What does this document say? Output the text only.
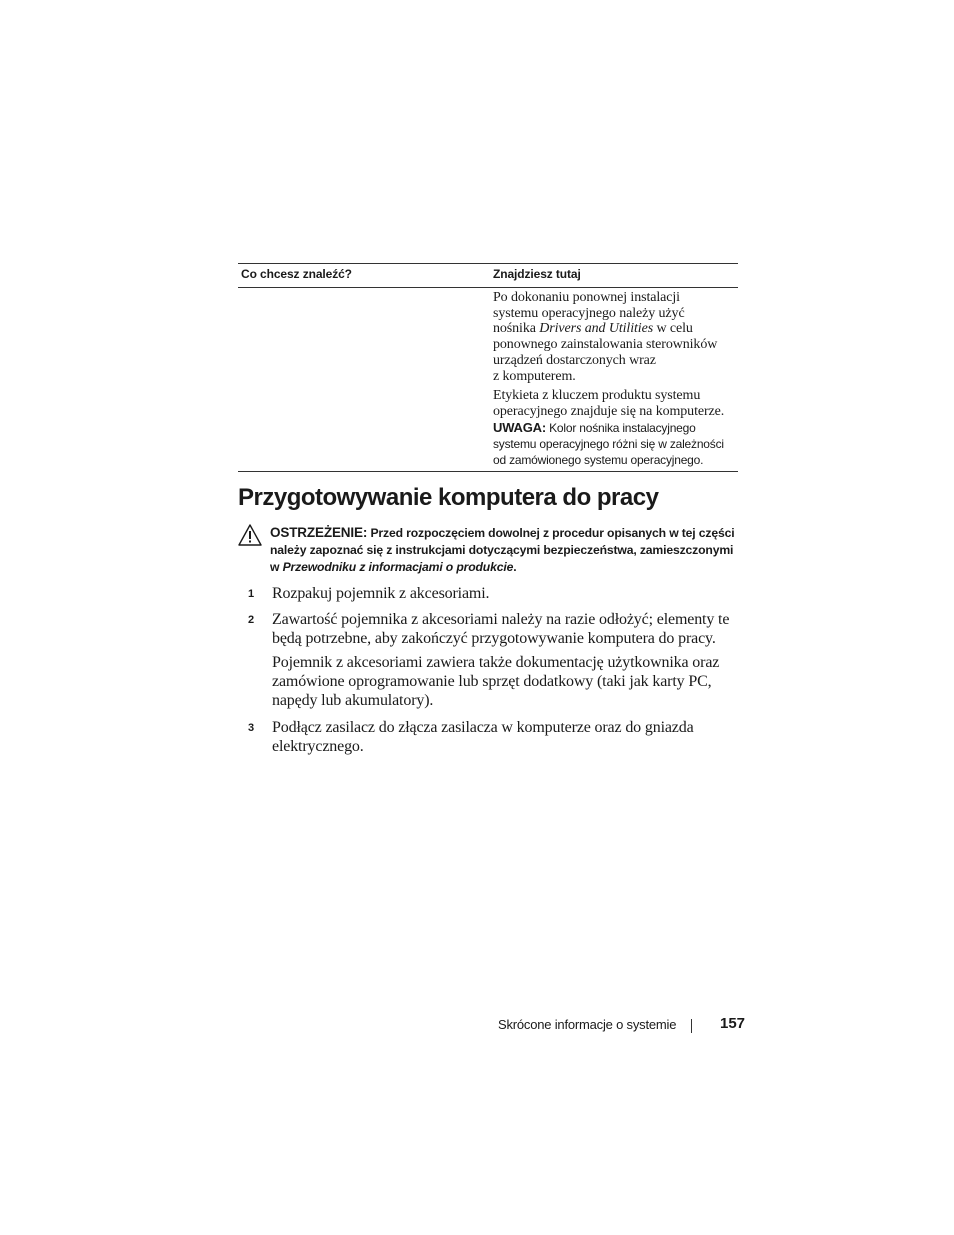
Co chcesz znaleźć?	Znajdziesz tutaj

Po dokonaniu ponownej instalacji
systemu operacyjnego należy użyć
nośnika Drivers and Utilities w celu
ponownego zainstalowania sterowników
urządzeń dostarczonych wraz
z komputerem.

Etykieta z kluczem produktu systemu
operacyjnego znajduje się na komputerze.

UWAGA: Kolor nośnika instalacyjnego
systemu operacyjnego różni się w zależności
od zamówionego systemu operacyjnego.

Przygotowywanie komputera do pracy

OSTRZEŻENIE: Przed rozpoczęciem dowolnej z procedur opisanych w tej części
należy zapoznać się z instrukcjami dotyczącymi bezpieczeństwa, zamieszczonymi
w Przewodniku z informacjami o produkcie.

1 Rozpakuj pojemnik z akcesoriami.

2 Zawartość pojemnika z akcesoriami należy na razie odłożyć; elementy te
będą potrzebne, aby zakończyć przygotowywanie komputera do pracy.

Pojemnik z akcesoriami zawiera także dokumentację użytkownika oraz
zamówione oprogramowanie lub sprzęt dodatkowy (taki jak karty PC,
napędy lub akumulatory).

3 Podłącz zasilacz do złącza zasilacza w komputerze oraz do gniazda
elektrycznego.

Skrócone informacje o systemie	157
